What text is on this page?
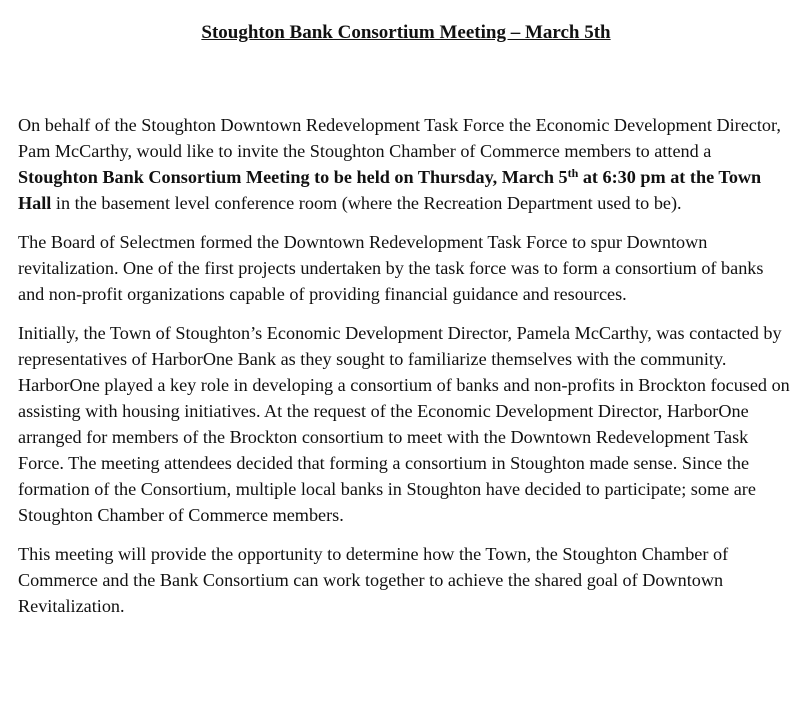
Stoughton Bank Consortium Meeting – March 5th

On behalf of the Stoughton Downtown Redevelopment Task Force the Economic Development Director, Pam McCarthy, would like to invite the Stoughton Chamber of Commerce members to attend a Stoughton Bank Consortium Meeting to be held on Thursday, March 5th at 6:30 pm at the Town Hall in the basement level conference room (where the Recreation Department used to be).

The Board of Selectmen formed the Downtown Redevelopment Task Force to spur Downtown revitalization. One of the first projects undertaken by the task force was to form a consortium of banks and non-profit organizations capable of providing financial guidance and resources.

Initially, the Town of Stoughton’s Economic Development Director, Pamela McCarthy, was contacted by representatives of HarborOne Bank as they sought to familiarize themselves with the community. HarborOne played a key role in developing a consortium of banks and non-profits in Brockton focused on assisting with housing initiatives. At the request of the Economic Development Director, HarborOne arranged for members of the Brockton consortium to meet with the Downtown Redevelopment Task Force. The meeting attendees decided that forming a consortium in Stoughton made sense. Since the formation of the Consortium, multiple local banks in Stoughton have decided to participate; some are Stoughton Chamber of Commerce members.

This meeting will provide the opportunity to determine how the Town, the Stoughton Chamber of Commerce and the Bank Consortium can work together to achieve the shared goal of Downtown Revitalization.
